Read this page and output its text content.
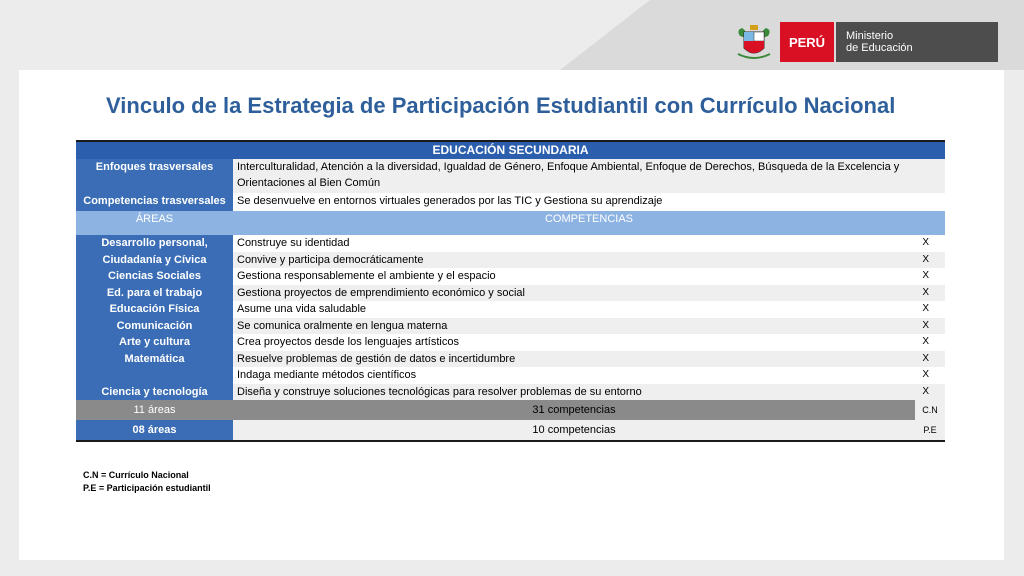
PERÚ	Ministerio
de Educación
Vinculo de la Estrategia de Participación Estudiantil con Currículo Nacional
EDUCACIÓN SECUNDARIA		
Enfoques trasversales	Interculturalidad, Atención a la diversidad, Igualdad de Género, Enfoque Ambiental, Enfoque de Derechos, Búsqueda de la Excelencia y Orientaciones al Bien Común	
Competencias trasversales	Se desenvuelve en entornos virtuales generados por las TIC y Gestiona su aprendizaje	
ÁREAS	COMPETENCIAS	
Desarrollo personal,	Construye su identidad	X
Ciudadanía y Cívica	Convive y participa democráticamente	X
Ciencias Sociales	Gestiona responsablemente el ambiente y el espacio	X
Ed. para el trabajo	Gestiona proyectos de emprendimiento económico y social	X
Educación Física	Asume una vida saludable	X
Comunicación	Se comunica oralmente en lengua materna	X
Arte y cultura	Crea proyectos desde los lenguajes artísticos	X
Matemática	Resuelve problemas de gestión de datos e incertidumbre	X
	Indaga mediante métodos científicos	X
Ciencia y tecnología	Diseña y construye soluciones tecnológicas para resolver problemas de su entorno	X
11 áreas	31 competencias	C.N
08 áreas	10 competencias	P.E
C.N = Currículo Nacional
P.E = Participación estudiantil
